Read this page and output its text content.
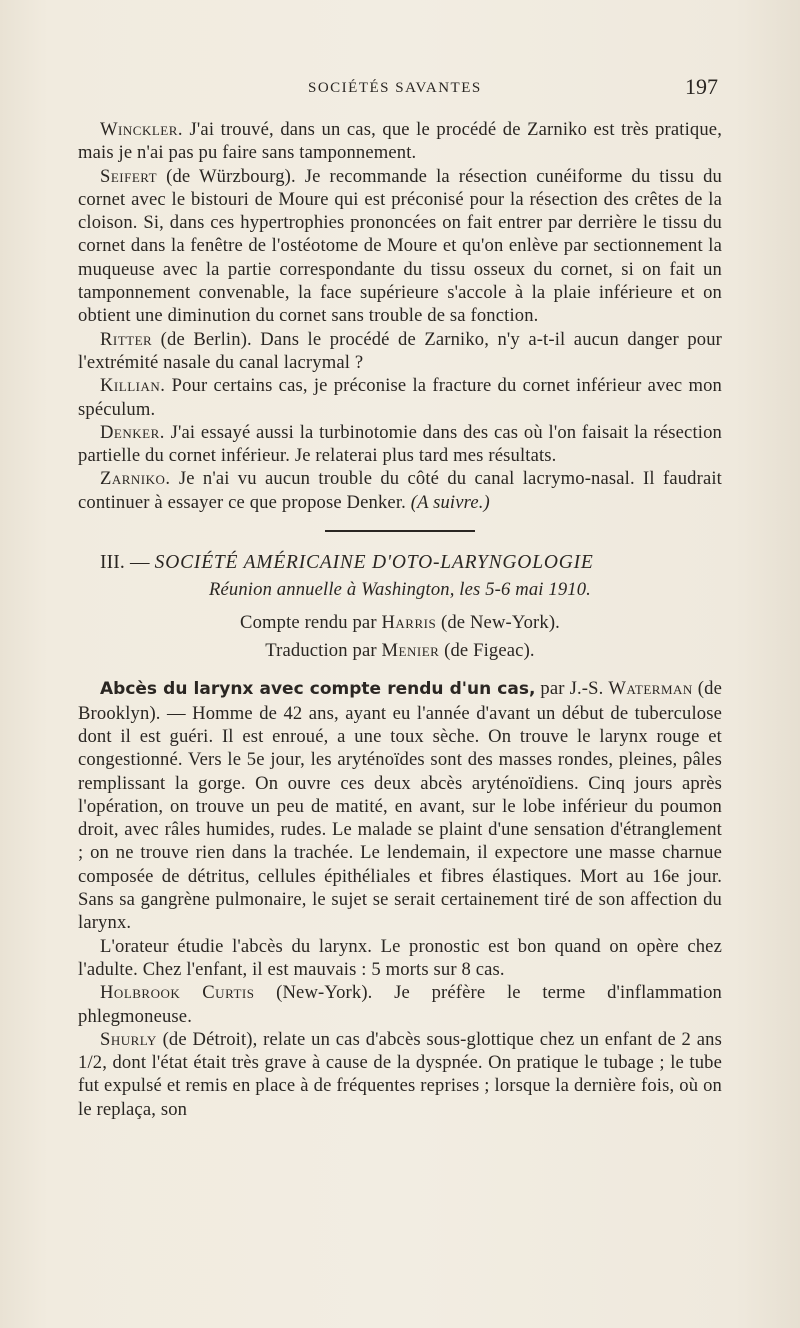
SOCIÉTÉS SAVANTES	197

Winckler. J'ai trouvé, dans un cas, que le procédé de Zarniko est très pratique, mais je n'ai pas pu faire sans tamponnement.

Seifert (de Würzbourg). Je recommande la résection cunéiforme du tissu du cornet avec le bistouri de Moure qui est préconisé pour la résection des crêtes de la cloison. Si, dans ces hypertrophies prononcées on fait entrer par derrière le tissu du cornet dans la fenêtre de l'ostéotome de Moure et qu'on enlève par sectionnement la muqueuse avec la partie correspondante du tissu osseux du cornet, si on fait un tamponnement convenable, la face supérieure s'accole à la plaie inférieure et on obtient une diminution du cornet sans trouble de sa fonction.

Ritter (de Berlin). Dans le procédé de Zarniko, n'y a-t-il aucun danger pour l'extrémité nasale du canal lacrymal ?

Killian. Pour certains cas, je préconise la fracture du cornet inférieur avec mon spéculum.

Denker. J'ai essayé aussi la turbinotomie dans des cas où l'on faisait la résection partielle du cornet inférieur. Je relaterai plus tard mes résultats.

Zarniko. Je n'ai vu aucun trouble du côté du canal lacrymo-nasal. Il faudrait continuer à essayer ce que propose Denker. (A suivre.)

III. — SOCIÉTÉ AMÉRICAINE D'OTO-LARYNGOLOGIE

Réunion annuelle à Washington, les 5-6 mai 1910.

Compte rendu par Harris (de New-York).
Traduction par Menier (de Figeac).

Abcès du larynx avec compte rendu d'un cas, par J.-S. Waterman (de Brooklyn). — Homme de 42 ans, ayant eu l'année d'avant un début de tuberculose dont il est guéri. Il est enroué, a une toux sèche. On trouve le larynx rouge et congestionné. Vers le 5e jour, les aryténoïdes sont des masses rondes, pleines, pâles remplissant la gorge. On ouvre ces deux abcès aryténoïdiens. Cinq jours après l'opération, on trouve un peu de matité, en avant, sur le lobe inférieur du poumon droit, avec râles humides, rudes. Le malade se plaint d'une sensation d'étranglement ; on ne trouve rien dans la trachée. Le lendemain, il expectore une masse charnue composée de détritus, cellules épithéliales et fibres élastiques. Mort au 16e jour. Sans sa gangrène pulmonaire, le sujet se serait certainement tiré de son affection du larynx.

L'orateur étudie l'abcès du larynx. Le pronostic est bon quand on opère chez l'adulte. Chez l'enfant, il est mauvais : 5 morts sur 8 cas.

Holbrook Curtis (New-York). Je préfère le terme d'inflammation phlegmoneuse.

Shurly (de Détroit), relate un cas d'abcès sous-glottique chez un enfant de 2 ans 1/2, dont l'état était très grave à cause de la dyspnée. On pratique le tubage ; le tube fut expulsé et remis en place à de fréquentes reprises ; lorsque la dernière fois, où on le replaça, son
